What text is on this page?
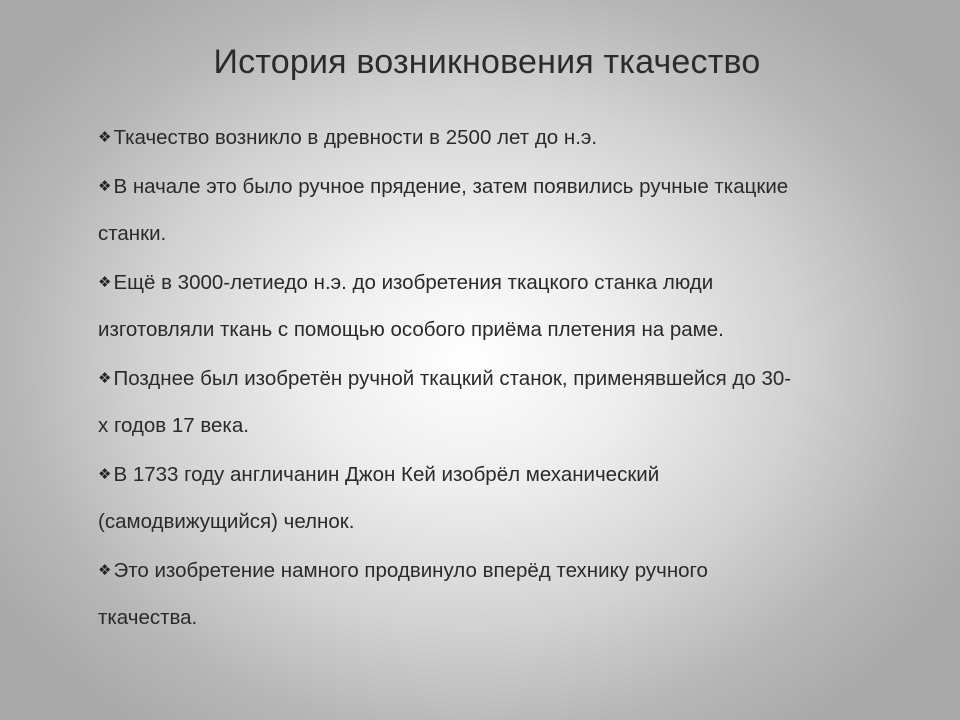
История возникновения ткачество

❖Ткачество возникло в древности в 2500 лет до н.э.

❖В начале это было ручное прядение, затем появились ручные ткацкие станки.

❖Ещё в 3000-летиедо н.э. до изобретения ткацкого станка люди изготовляли ткань с помощью особого приёма плетения на раме.

❖Позднее был изобретён ручной ткацкий станок, применявшейся до 30-х годов 17 века.

❖В 1733 году англичанин Джон Кей изобрёл механический (самодвижущийся) челнок.

❖Это изобретение намного продвинуло вперёд технику ручного ткачества.
